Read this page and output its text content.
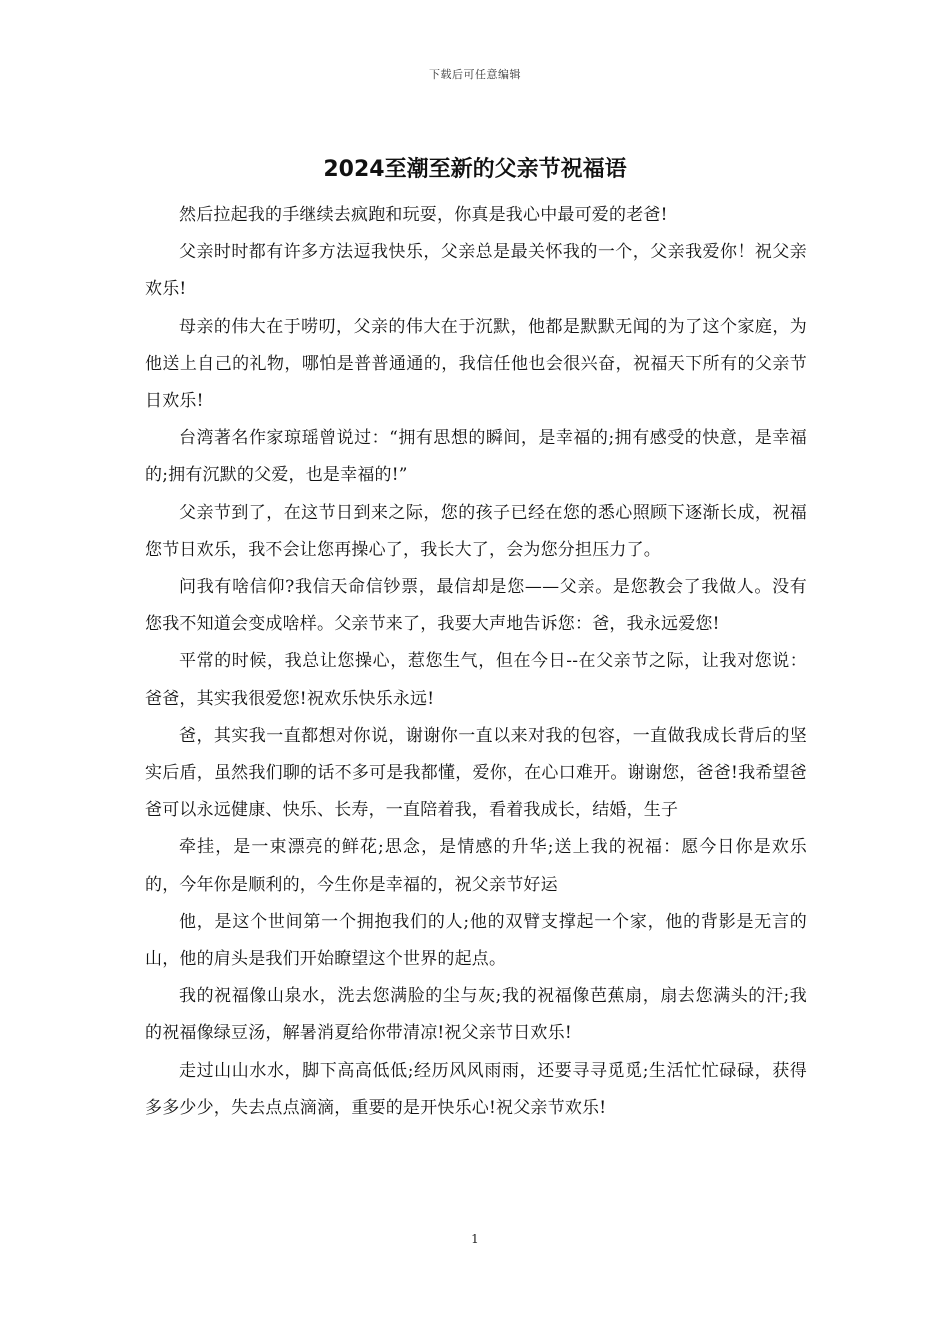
下载后可任意编辑
2024至潮至新的父亲节祝福语

然后拉起我的手继续去疯跑和玩耍，你真是我心中最可爱的老爸!

父亲时时都有许多方法逗我快乐，父亲总是最关怀我的一个，父亲我爱你！祝父亲欢乐!

母亲的伟大在于唠叨，父亲的伟大在于沉默，他都是默默无闻的为了这个家庭，为他送上自己的礼物，哪怕是普普通通的，我信任他也会很兴奋，祝福天下所有的父亲节日欢乐!

台湾著名作家琼瑶曾说过：“拥有思想的瞬间，是幸福的;拥有感受的快意，是幸福的;拥有沉默的父爱，也是幸福的!”

父亲节到了，在这节日到来之际，您的孩子已经在您的悉心照顾下逐渐长成，祝福您节日欢乐，我不会让您再操心了，我长大了，会为您分担压力了。

问我有啥信仰?我信天命信钞票，最信却是您——父亲。是您教会了我做人。没有您我不知道会变成啥样。父亲节来了，我要大声地告诉您：爸，我永远爱您!

平常的时候，我总让您操心，惹您生气，但在今日--在父亲节之际，让我对您说：爸爸，其实我很爱您!祝欢乐快乐永远!

爸，其实我一直都想对你说，谢谢你一直以来对我的包容，一直做我成长背后的坚实后盾，虽然我们聊的话不多可是我都懂，爱你，在心口难开。谢谢您，爸爸!我希望爸爸可以永远健康、快乐、长寿，一直陪着我，看着我成长，结婚，生子

牵挂，是一束漂亮的鲜花;思念，是情感的升华;送上我的祝福：愿今日你是欢乐的，今年你是顺利的，今生你是幸福的，祝父亲节好运

他，是这个世间第一个拥抱我们的人;他的双臂支撑起一个家，他的背影是无言的山，他的肩头是我们开始瞭望这个世界的起点。

我的祝福像山泉水，洗去您满脸的尘与灰;我的祝福像芭蕉扇，扇去您满头的汗;我的祝福像绿豆汤，解暑消夏给你带清凉!祝父亲节日欢乐!

走过山山水水，脚下高高低低;经历风风雨雨，还要寻寻觅觅;生活忙忙碌碌，获得多多少少，失去点点滴滴，重要的是开快乐心!祝父亲节欢乐!

1
